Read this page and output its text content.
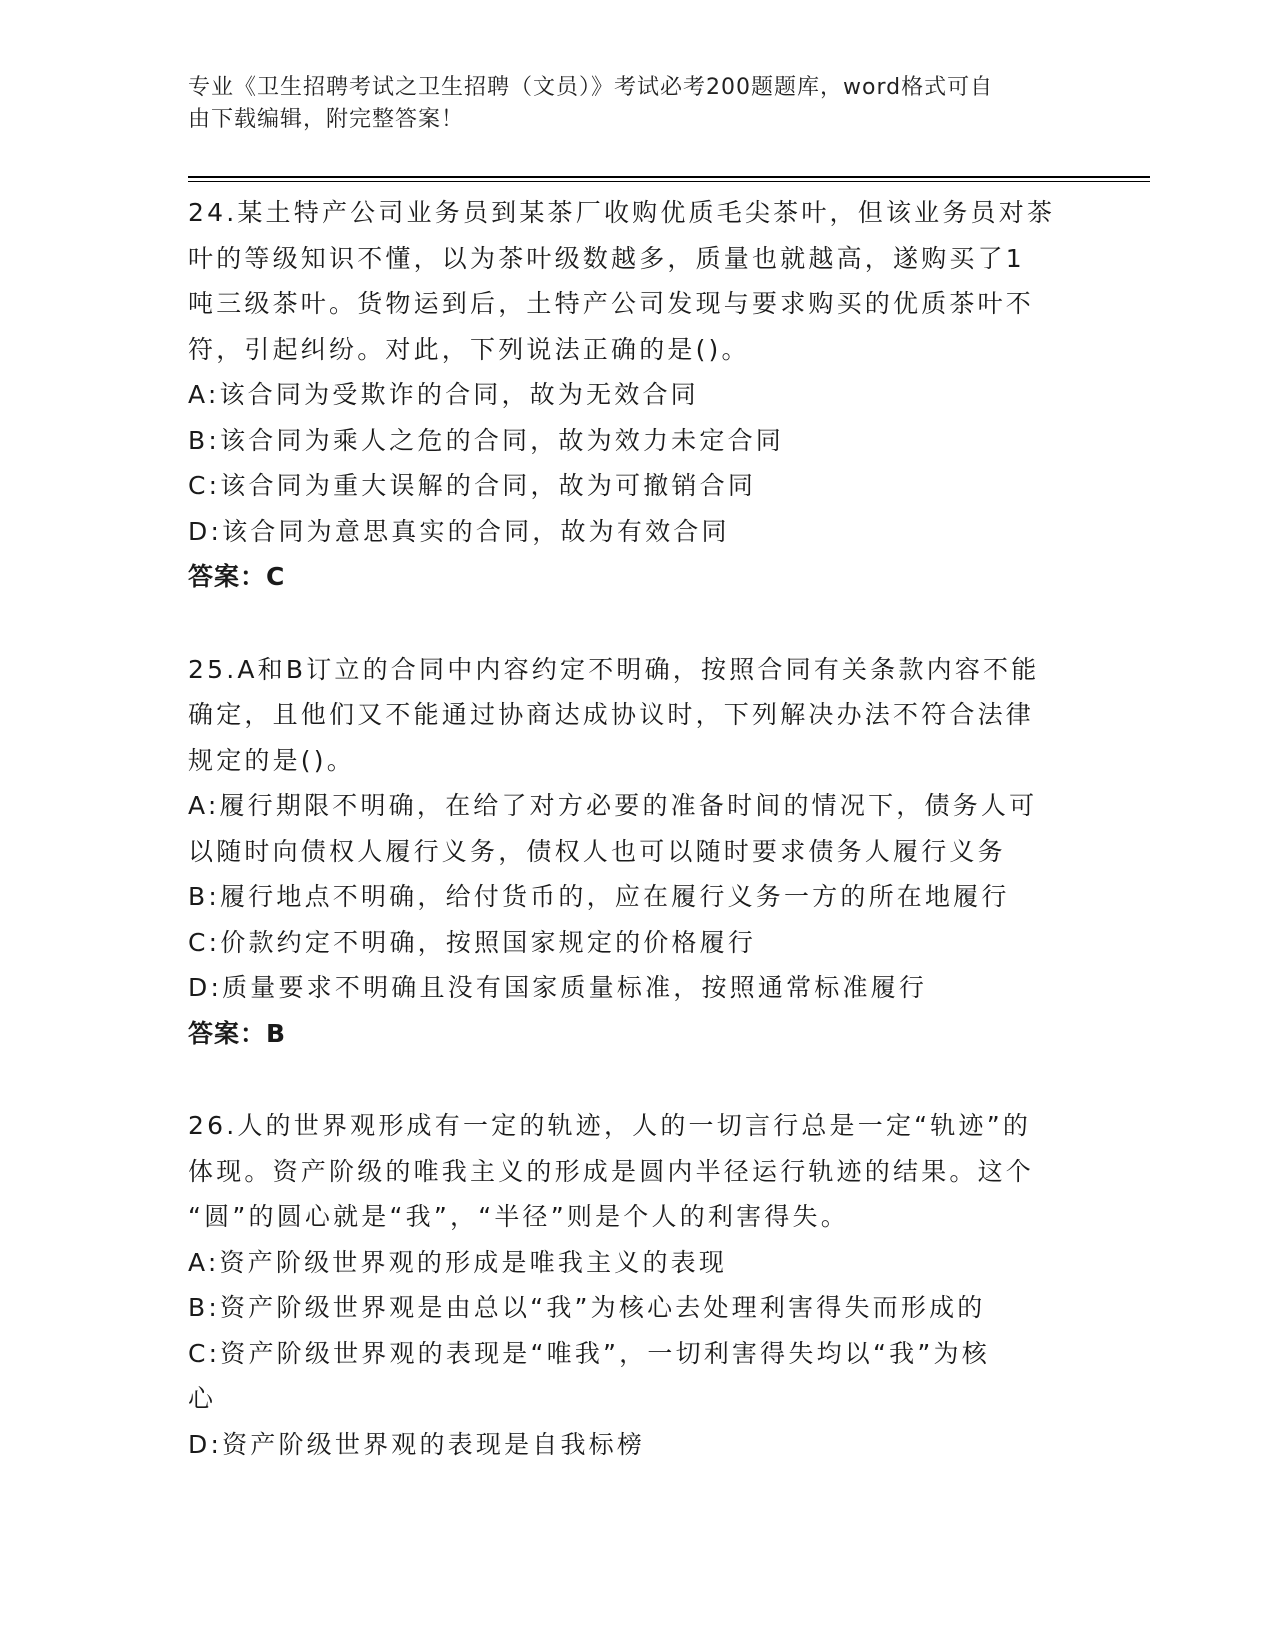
专业《卫生招聘考试之卫生招聘（文员）》考试必考200题题库，word格式可自
由下载编辑，附完整答案！

24.某土特产公司业务员到某茶厂收购优质毛尖茶叶，但该业务员对茶

叶的等级知识不懂，以为茶叶级数越多，质量也就越高，遂购买了1

吨三级茶叶。货物运到后，土特产公司发现与要求购买的优质茶叶不

符，引起纠纷。对此，下列说法正确的是()。

A:该合同为受欺诈的合同，故为无效合同

B:该合同为乘人之危的合同，故为效力未定合同

C:该合同为重大误解的合同，故为可撤销合同

D:该合同为意思真实的合同，故为有效合同

答案：C

25.A和B订立的合同中内容约定不明确，按照合同有关条款内容不能

确定，且他们又不能通过协商达成协议时，下列解决办法不符合法律

规定的是()。

A:履行期限不明确，在给了对方必要的准备时间的情况下，债务人可

以随时向债权人履行义务，债权人也可以随时要求债务人履行义务

B:履行地点不明确，给付货币的，应在履行义务一方的所在地履行

C:价款约定不明确，按照国家规定的价格履行

D:质量要求不明确且没有国家质量标准，按照通常标准履行

答案：B

26.人的世界观形成有一定的轨迹，人的一切言行总是一定“轨迹”的

体现。资产阶级的唯我主义的形成是圆内半径运行轨迹的结果。这个

“圆”的圆心就是“我”，“半径”则是个人的利害得失。

A:资产阶级世界观的形成是唯我主义的表现

B:资产阶级世界观是由总以“我”为核心去处理利害得失而形成的

C:资产阶级世界观的表现是“唯我”，一切利害得失均以“我”为核

心

D:资产阶级世界观的表现是自我标榜
